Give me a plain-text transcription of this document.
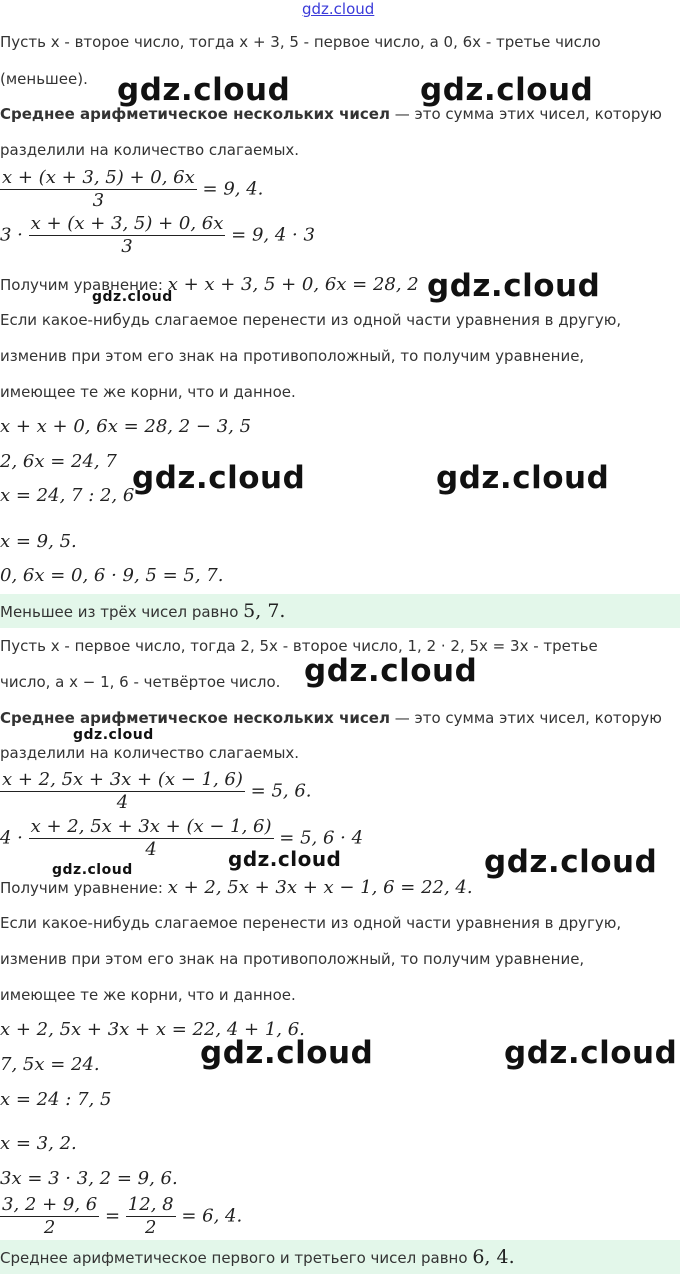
gdz.cloud
Пусть x - второе число, тогда x + 3, 5 - первое число, а 0, 6x - третье число
(меньшее).
Среднее арифметическое нескольких чисел — это сумма этих чисел, которую
разделили на количество слагаемых.
$\frac{x + (x + 3, 5) + 0, 6x}{3} = 9$, 4.
$3 \cdot \frac{x + (x + 3, 5) + 0, 6x}{3} = 9$, 4 · 3
Получим уравнение: x + x + 3, 5 + 0, 6x = 28, 2
Если какое-нибудь слагаемое перенести из одной части уравнения в другую,
изменив при этом его знак на противоположный, то получим уравнение,
имеющее те же корни, что и данное.
x + x + 0, 6x = 28, 2 − 3, 5
2, 6x = 24, 7
x = 24, 7 : 2, 6
x = 9, 5.
0, 6x = 0, 6 · 9, 5 = 5, 7.
Меньшее из трёх чисел равно 5, 7.
Пусть x - первое число, тогда 2, 5x - второе число, 1, 2 · 2, 5x = 3x - третье
число, а x − 1, 6 - четвёртое число.
Среднее арифметическое нескольких чисел — это сумма этих чисел, которую
разделили на количество слагаемых.
$\frac{x + 2, 5x + 3x + (x - 1, 6)}{4} = 5$, 6.
$4 \cdot \frac{x + 2, 5x + 3x + (x - 1, 6)}{4} = 5$, 6 · 4
Получим уравнение: x + 2, 5x + 3x + x − 1, 6 = 22, 4.
Если какое-нибудь слагаемое перенести из одной части уравнения в другую,
изменив при этом его знак на противоположный, то получим уравнение,
имеющее те же корни, что и данное.
x + 2, 5x + 3x + x = 22, 4 + 1, 6.
7, 5x = 24.
x = 24 : 7, 5
x = 3, 2.
3x = 3 · 3, 2 = 9, 6.
$\frac{3, 2 + 9, 6}{2} = \frac{12, 8}{2} = 6$, 4.
Среднее арифметическое первого и третьего чисел равно 6, 4.
gdz.cloud	gdz.cloud
gdz.cloud
gdz.cloud
gdz.cloud	gdz.cloud
gdz.cloud
gdz.cloud
gdz.cloud	gdz.cloud	gdz.cloud
gdz.cloud	gdz.cloud
